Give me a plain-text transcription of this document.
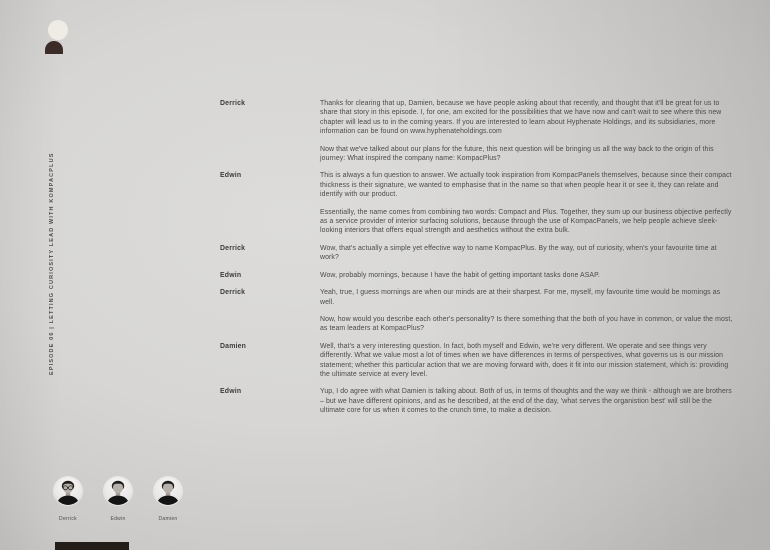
EPISODE 06 | LETTING CURIOSITY LEAD WITH KOMPACPLUS
Derrick	Thanks for clearing that up, Damien, because we have people asking about that recently, and thought that it'll be great for us to share that story in this episode. I, for one, am excited for the possibilities that we have now and can't wait to see where this new chapter will lead us to in the coming years. If you are interested to learn about Hyphenate Holdings, and its subsidiaries, more information can be found on www.hyphenateholdings.com

Now that we've talked about our plans for the future, this next question will be bringing us all the way back to the origin of this journey: What inspired the company name: KompacPlus?

Edwin	This is always a fun question to answer. We actually took inspiration from KompacPanels themselves, because since their compact thickness is their signature, we wanted to emphasise that in the name so that when people hear it or see it, they can relate and identify with our product.

Essentially, the name comes from combining two words: Compact and Plus. Together, they sum up our business objective perfectly as a service provider of interior surfacing solutions, because through the use of KompacPanels, we help people achieve sleek-looking interiors that offers equal strength and aesthetics without the extra bulk.

Derrick	Wow, that's actually a simple yet effective way to name KompacPlus. By the way, out of curiosity, when's your favourite time at work?

Edwin	Wow, probably mornings, because I have the habit of getting important tasks done ASAP.

Derrick	Yeah, true, I guess mornings are when our minds are at their sharpest. For me, myself, my favourite time would be mornings as well.

Now, how would you describe each other's personality? Is there something that the both of you have in common, or value the most, as team leaders at KompacPlus?

Damien	Well, that's a very interesting question. In fact, both myself and Edwin, we're very different. We operate and see things very differently. What we value most a lot of times when we have differences in terms of perspectives, what governs us is our mission statement; whether this particular action that we are moving forward with, does it fit into our mission statement, which is: providing the ultimate service at every level.

Edwin	Yup, I do agree with what Damien is talking about. Both of us, in terms of thoughts and the way we think - although we are brothers – but we have different opinions, and as he described, at the end of the day, 'what serves the organistion best' will still be the ultimate core for us when it comes to the crunch time, to make a decision.

Derrick	Edwin	Damien
